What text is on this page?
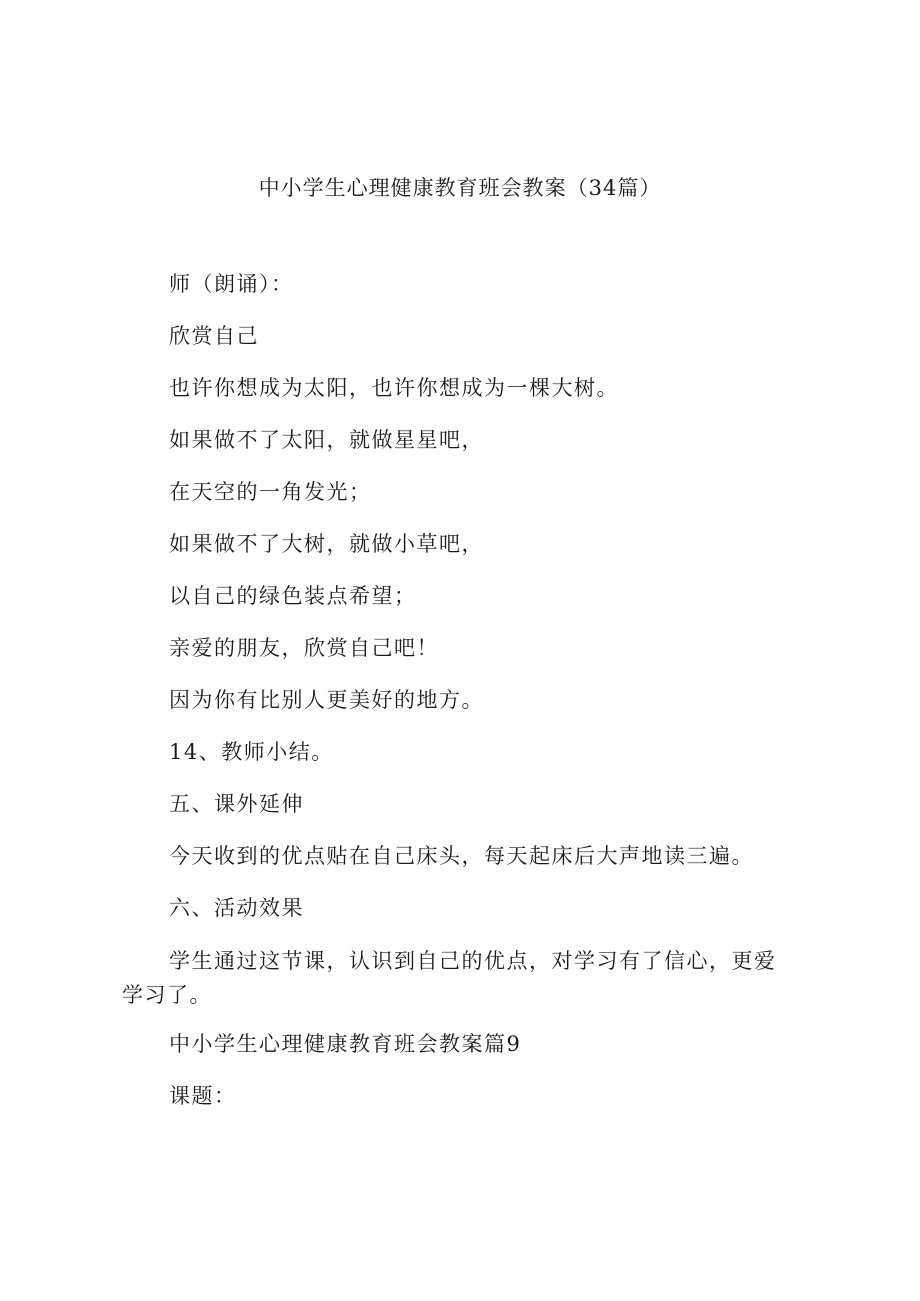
中小学生心理健康教育班会教案（34篇）

师（朗诵）：

欣赏自己

也许你想成为太阳，也许你想成为一棵大树。

如果做不了太阳，就做星星吧，

在天空的一角发光；

如果做不了大树，就做小草吧，

以自己的绿色装点希望；

亲爱的朋友，欣赏自己吧！

因为你有比别人更美好的地方。

14、教师小结。

五、课外延伸

今天收到的优点贴在自己床头，每天起床后大声地读三遍。

六、活动效果

学生通过这节课，认识到自己的优点，对学习有了信心，更爱学习了。

中小学生心理健康教育班会教案篇9

课题：
